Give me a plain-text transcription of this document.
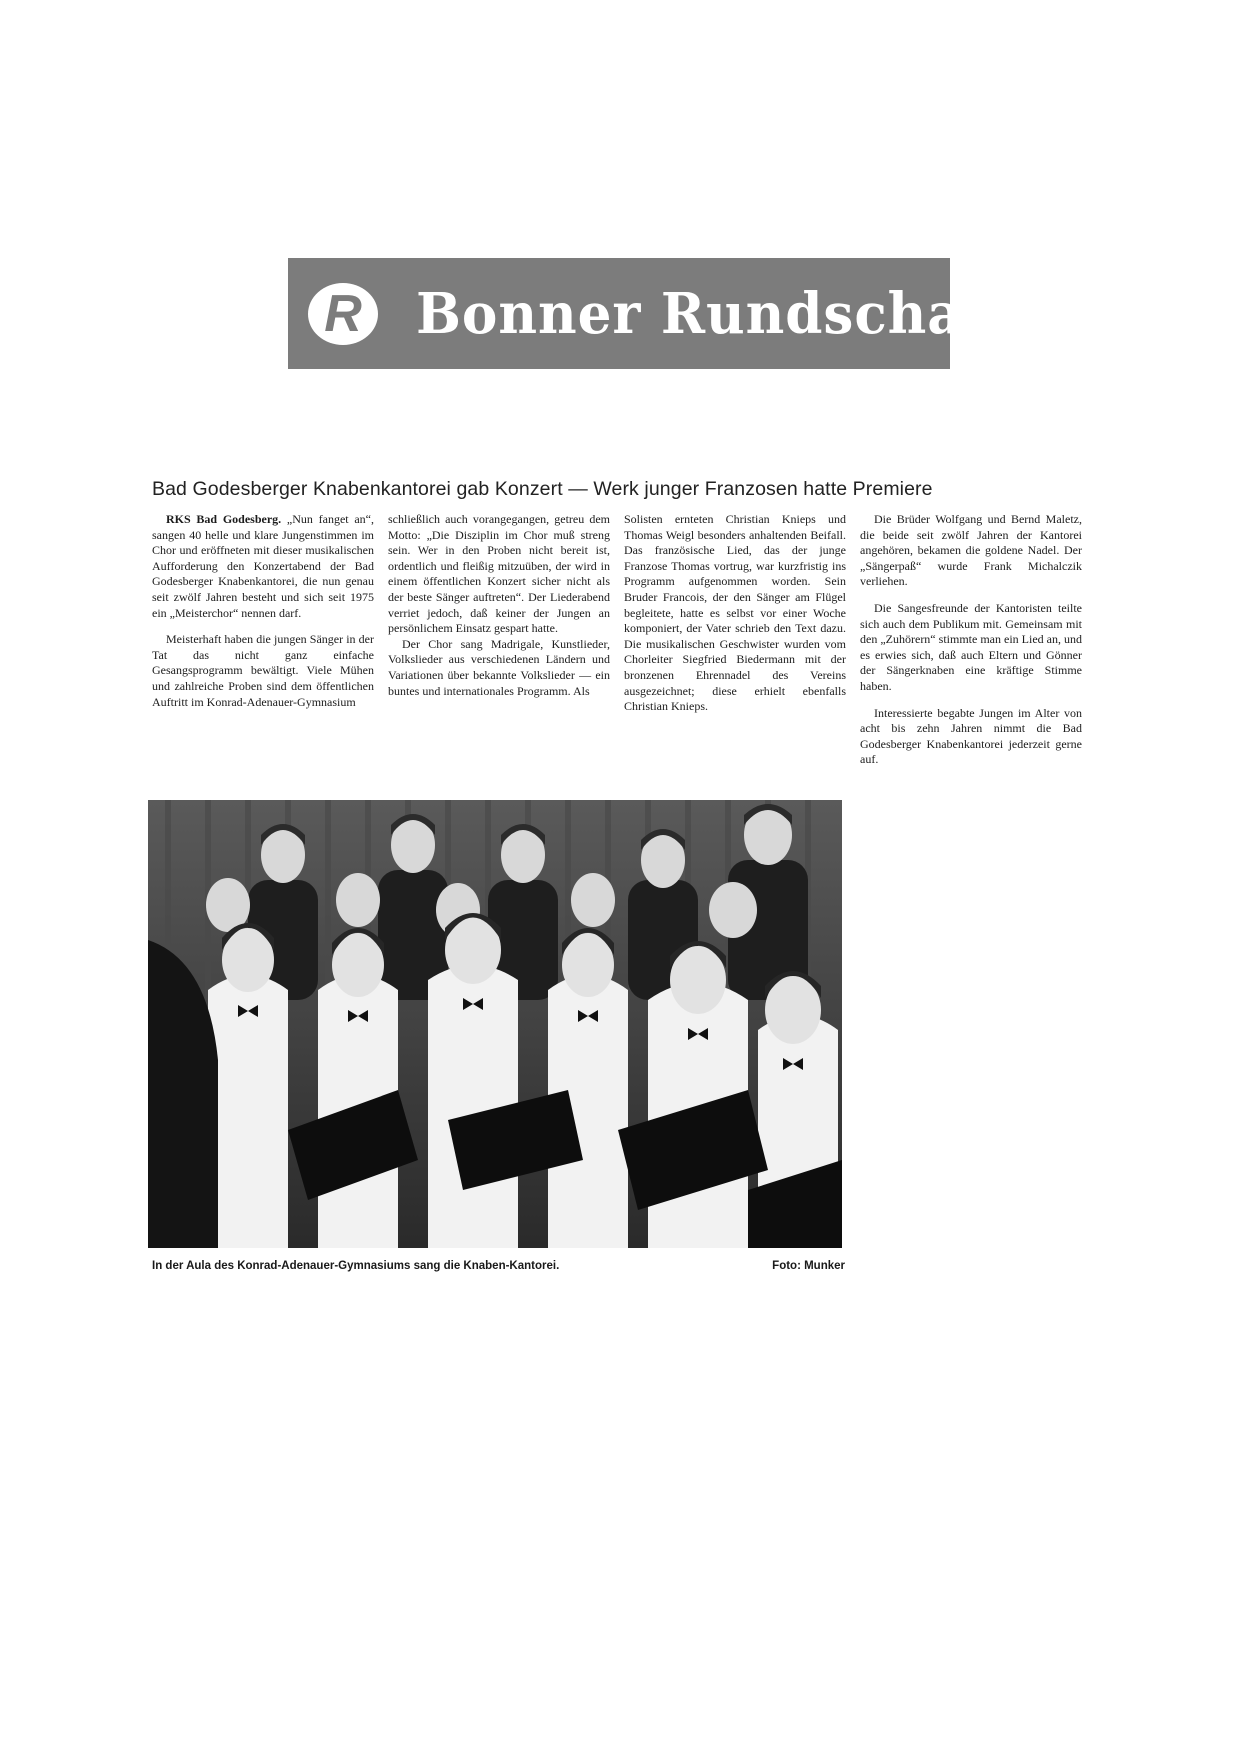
R Bonner Rundschau
Bad Godesberger Knabenkantorei gab Konzert — Werk junger Franzosen hatte Premiere

RKS Bad Godesberg. „Nun fanget an“, sangen 40 helle und klare Jungenstimmen im Chor und eröffneten mit dieser musikalischen Aufforderung den Konzertabend der Bad Godesberger Knabenkantorei, die nun genau seit zwölf Jahren besteht und sich seit 1975 ein „Meisterchor“ nennen darf.

Meisterhaft haben die jungen Sänger in der Tat das nicht ganz einfache Gesangsprogramm bewältigt. Viele Mühen und zahlreiche Proben sind dem öffentlichen Auftritt im Konrad-Adenauer-Gymnasium

schließlich auch vorangegangen, getreu dem Motto: „Die Disziplin im Chor muß streng sein. Wer in den Proben nicht bereit ist, ordentlich und fleißig mitzuüben, der wird in einem öffentlichen Konzert sicher nicht als der beste Sänger auftreten“. Der Liederabend verriet jedoch, daß keiner der Jungen an persönlichem Einsatz gespart hatte.

Der Chor sang Madrigale, Kunstlieder, Volkslieder aus verschiedenen Ländern und Variationen über bekannte Volkslieder — ein buntes und internationales Programm. Als

Solisten ernteten Christian Knieps und Thomas Weigl besonders anhaltenden Beifall. Das französische Lied, das der junge Franzose Thomas vortrug, war kurzfristig ins Programm aufgenommen worden. Sein Bruder Francois, der den Sänger am Flügel begleitete, hatte es selbst vor einer Woche komponiert, der Vater schrieb den Text dazu. Die musikalischen Geschwister wurden vom Chorleiter Siegfried Biedermann mit der bronzenen Ehrennadel des Vereins ausgezeichnet; diese erhielt ebenfalls Christian Knieps.

Die Brüder Wolfgang und Bernd Maletz, die beide seit zwölf Jahren der Kantorei angehören, bekamen die goldene Nadel. Der „Sängerpaß“ wurde Frank Michalczik verliehen.

Die Sangesfreunde der Kantoristen teilte sich auch dem Publikum mit. Gemeinsam mit den „Zuhörern“ stimmte man ein Lied an, und es erwies sich, daß auch Eltern und Gönner der Sängerknaben eine kräftige Stimme haben.

Interessierte begabte Jungen im Alter von acht bis zehn Jahren nimmt die Bad Godesberger Knabenkantorei jederzeit gerne auf.

In der Aula des Konrad-Adenauer-Gymnasiums sang die Knaben-Kantorei.	Foto: Munker
